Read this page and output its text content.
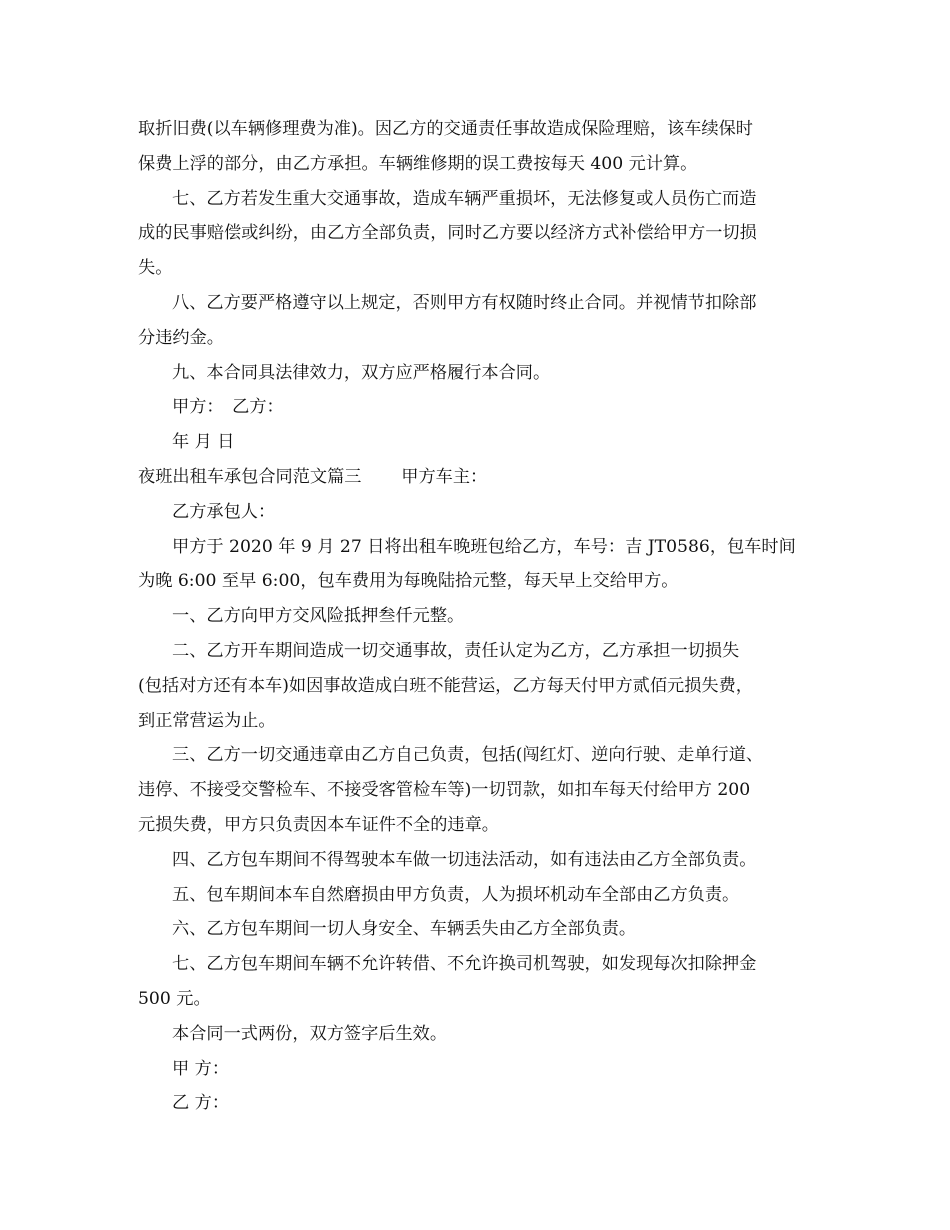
取折旧费(以车辆修理费为准)。因乙方的交通责任事故造成保险理赔，该车续保时
保费上浮的部分，由乙方承担。车辆维修期的误工费按每天 400 元计算。
七、乙方若发生重大交通事故，造成车辆严重损坏，无法修复或人员伤亡而造
成的民事赔偿或纠纷，由乙方全部负责，同时乙方要以经济方式补偿给甲方一切损
失。
八、乙方要严格遵守以上规定，否则甲方有权随时终止合同。并视情节扣除部
分违约金。
九、本合同具法律效力，双方应严格履行本合同。
甲方：　乙方：
年 月 日
夜班出租车承包合同范文篇三　　 甲方车主：
乙方承包人：
甲方于 2020 年 9 月 27 日将出租车晚班包给乙方，车号：吉 JT0586，包车时间
为晚 6:00 至早 6:00，包车费用为每晚陆拾元整，每天早上交给甲方。
一、乙方向甲方交风险抵押叁仟元整。
二、乙方开车期间造成一切交通事故，责任认定为乙方，乙方承担一切损失
(包括对方还有本车)如因事故造成白班不能营运，乙方每天付甲方贰佰元损失费，
到正常营运为止。
三、乙方一切交通违章由乙方自己负责，包括(闯红灯、逆向行驶、走单行道、
违停、不接受交警检车、不接受客管检车等)一切罚款，如扣车每天付给甲方 200
元损失费，甲方只负责因本车证件不全的违章。
四、乙方包车期间不得驾驶本车做一切违法活动，如有违法由乙方全部负责。
五、包车期间本车自然磨损由甲方负责，人为损坏机动车全部由乙方负责。
六、乙方包车期间一切人身安全、车辆丢失由乙方全部负责。
七、乙方包车期间车辆不允许转借、不允许换司机驾驶，如发现每次扣除押金
500 元。
本合同一式两份，双方签字后生效。
甲 方：
乙 方：
